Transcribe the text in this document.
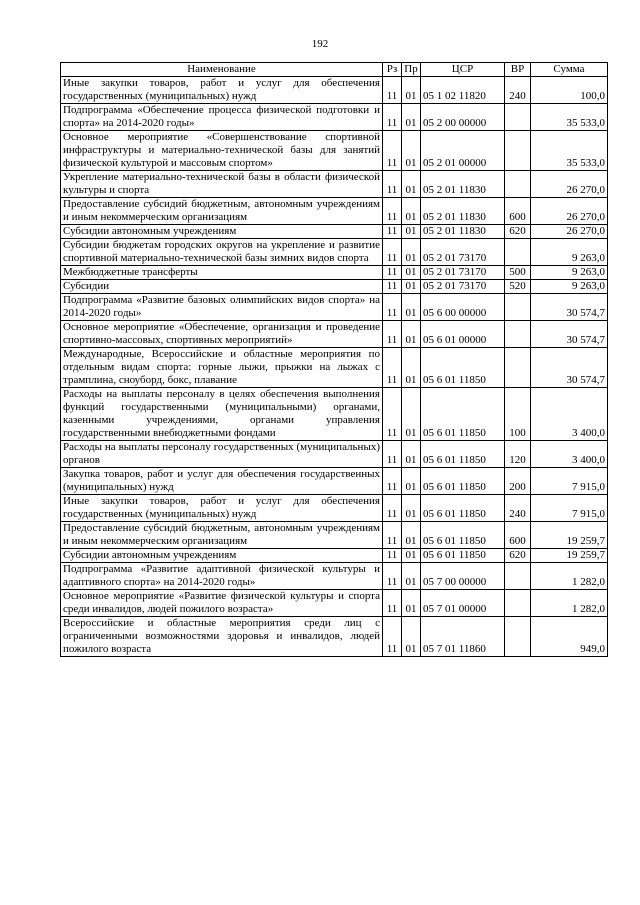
192
Наименование	Рз	Пр	ЦСР	ВР	Сумма
Иные закупки товаров, работ и услуг для обеспечения государственных (муниципальных) нужд	11	01	05 1 02 11820	240	100,0
Подпрограмма «Обеспечение процесса физической подготовки и спорта» на 2014-2020 годы»	11	01	05 2 00 00000		35 533,0
Основное мероприятие «Совершенствование спортивной инфраструктуры и материально-технической базы для занятий физической культурой и массовым спортом»	11	01	05 2 01 00000		35 533,0
Укрепление материально-технической базы в области физической культуры и спорта	11	01	05 2 01 11830		26 270,0
Предоставление субсидий бюджетным, автономным учреждениям и иным некоммерческим организациям	11	01	05 2 01 11830	600	26 270,0
Субсидии автономным учреждениям	11	01	05 2 01 11830	620	26 270,0
Субсидии бюджетам городских округов на укрепление и развитие спортивной материально-технической базы зимних видов спорта	11	01	05 2 01 73170		9 263,0
Межбюджетные трансферты	11	01	05 2 01 73170	500	9 263,0
Субсидии	11	01	05 2 01 73170	520	9 263,0
Подпрограмма «Развитие базовых олимпийских видов спорта» на 2014-2020 годы»	11	01	05 6 00 00000		30 574,7
Основное мероприятие «Обеспечение, организация и проведение спортивно-массовых, спортивных мероприятий»	11	01	05 6 01 00000		30 574,7
Международные, Всероссийские и областные мероприятия по отдельным видам спорта: горные лыжи, прыжки на лыжах с трамплина, сноуборд, бокс, плавание	11	01	05 6 01 11850		30 574,7
Расходы на выплаты персоналу в целях обеспечения выполнения функций государственными (муниципальными) органами, казенными учреждениями, органами управления государственными внебюджетными фондами	11	01	05 6 01 11850	100	3 400,0
Расходы на выплаты персоналу государственных (муниципальных) органов	11	01	05 6 01 11850	120	3 400,0
Закупка товаров, работ и услуг для обеспечения государственных (муниципальных) нужд	11	01	05 6 01 11850	200	7 915,0
Иные закупки товаров, работ и услуг для обеспечения государственных (муниципальных) нужд	11	01	05 6 01 11850	240	7 915,0
Предоставление субсидий бюджетным, автономным учреждениям и иным некоммерческим организациям	11	01	05 6 01 11850	600	19 259,7
Субсидии автономным учреждениям	11	01	05 6 01 11850	620	19 259,7
Подпрограмма «Развитие адаптивной физической культуры и адаптивного спорта» на 2014-2020 годы»	11	01	05 7 00 00000		1 282,0
Основное мероприятие «Развитие физической культуры и спорта среди инвалидов, людей пожилого возраста»	11	01	05 7 01 00000		1 282,0
Всероссийские и областные мероприятия среди лиц с ограниченными возможностями здоровья и инвалидов, людей пожилого возраста	11	01	05 7 01 11860		949,0
